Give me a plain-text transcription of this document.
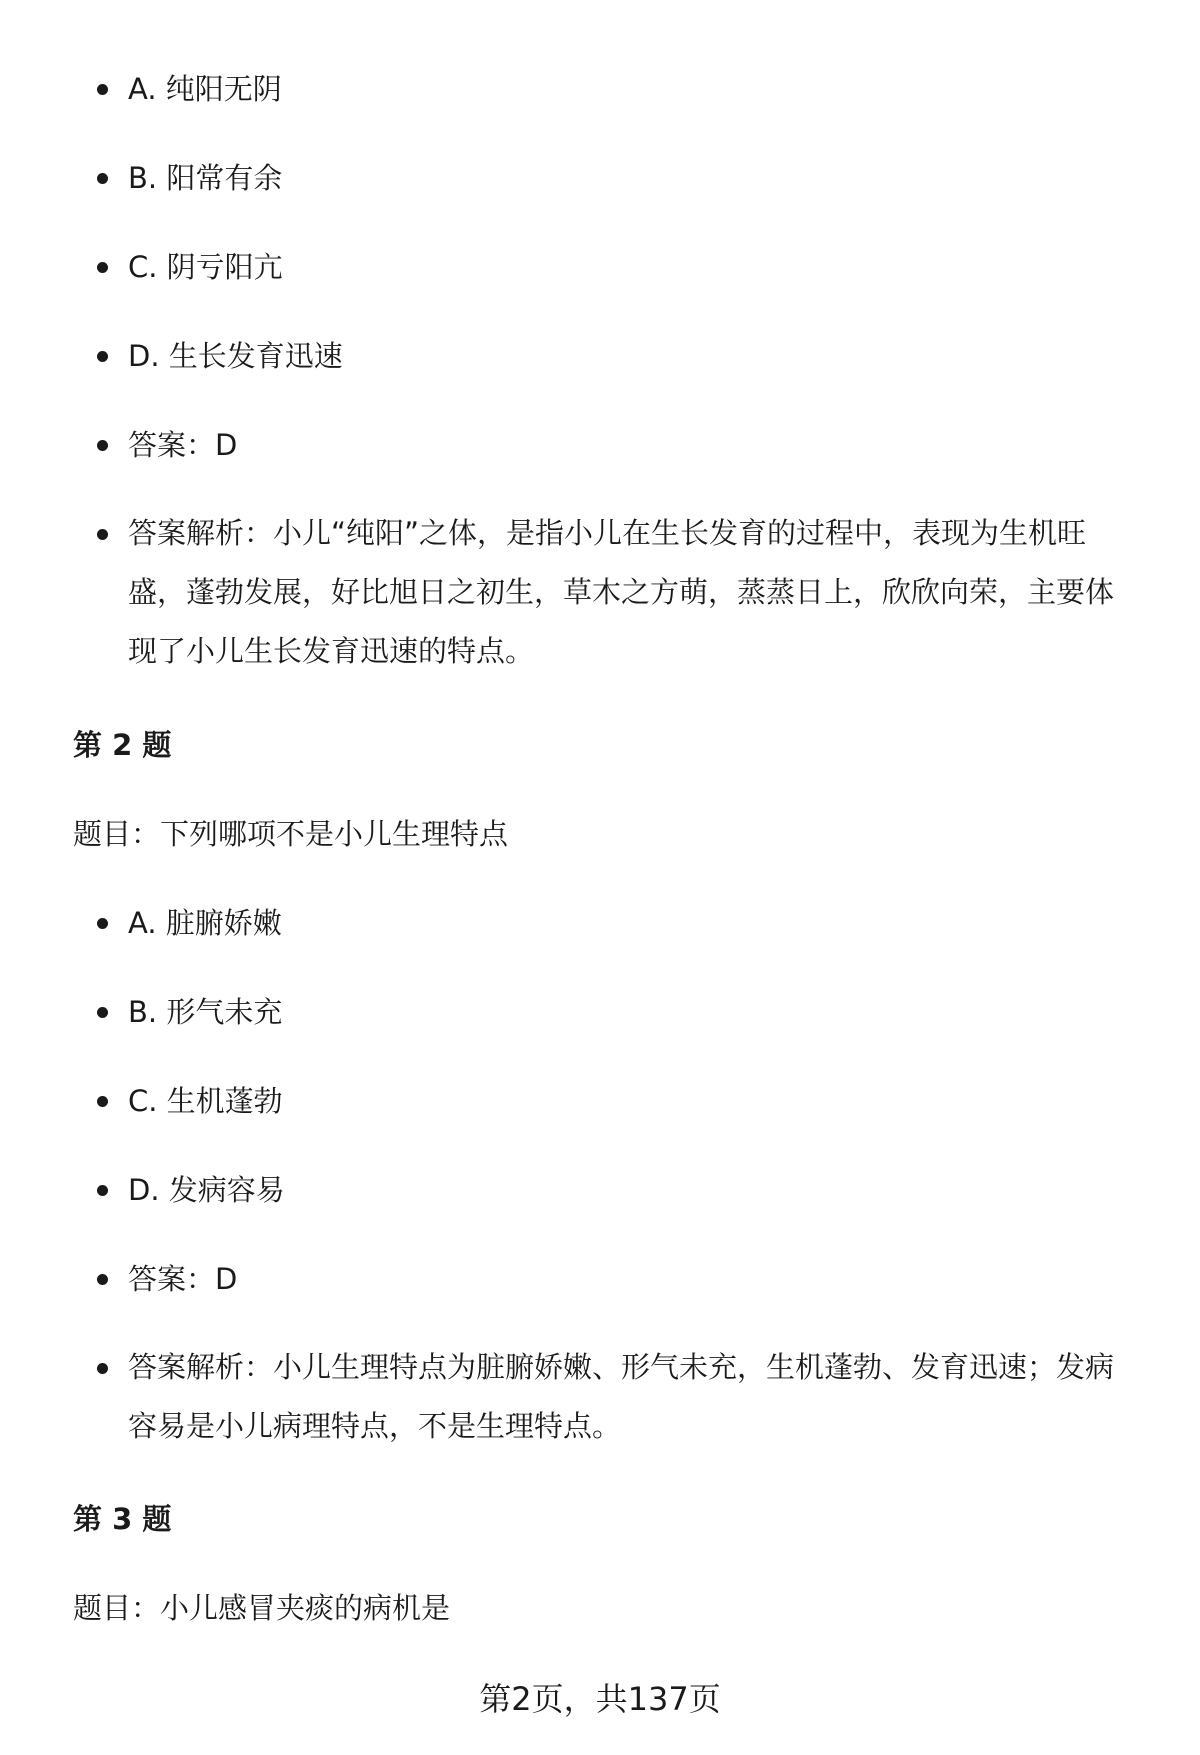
A. 纯阳无阴
B. 阳常有余
C. 阴亏阳亢
D. 生长发育迅速
答案：D
答案解析：小儿“纯阳”之体，是指小儿在生长发育的过程中，表现为生机旺盛，蓬勃发展，好比旭日之初生，草木之方萌，蒸蒸日上，欣欣向荣，主要体现了小儿生长发育迅速的特点。
第 2 题
题目：下列哪项不是小儿生理特点
A. 脏腑娇嫩
B. 形气未充
C. 生机蓬勃
D. 发病容易
答案：D
答案解析：小儿生理特点为脏腑娇嫩、形气未充，生机蓬勃、发育迅速；发病容易是小儿病理特点，不是生理特点。
第 3 题
题目：小儿感冒夹痰的病机是
第2页，共137页
